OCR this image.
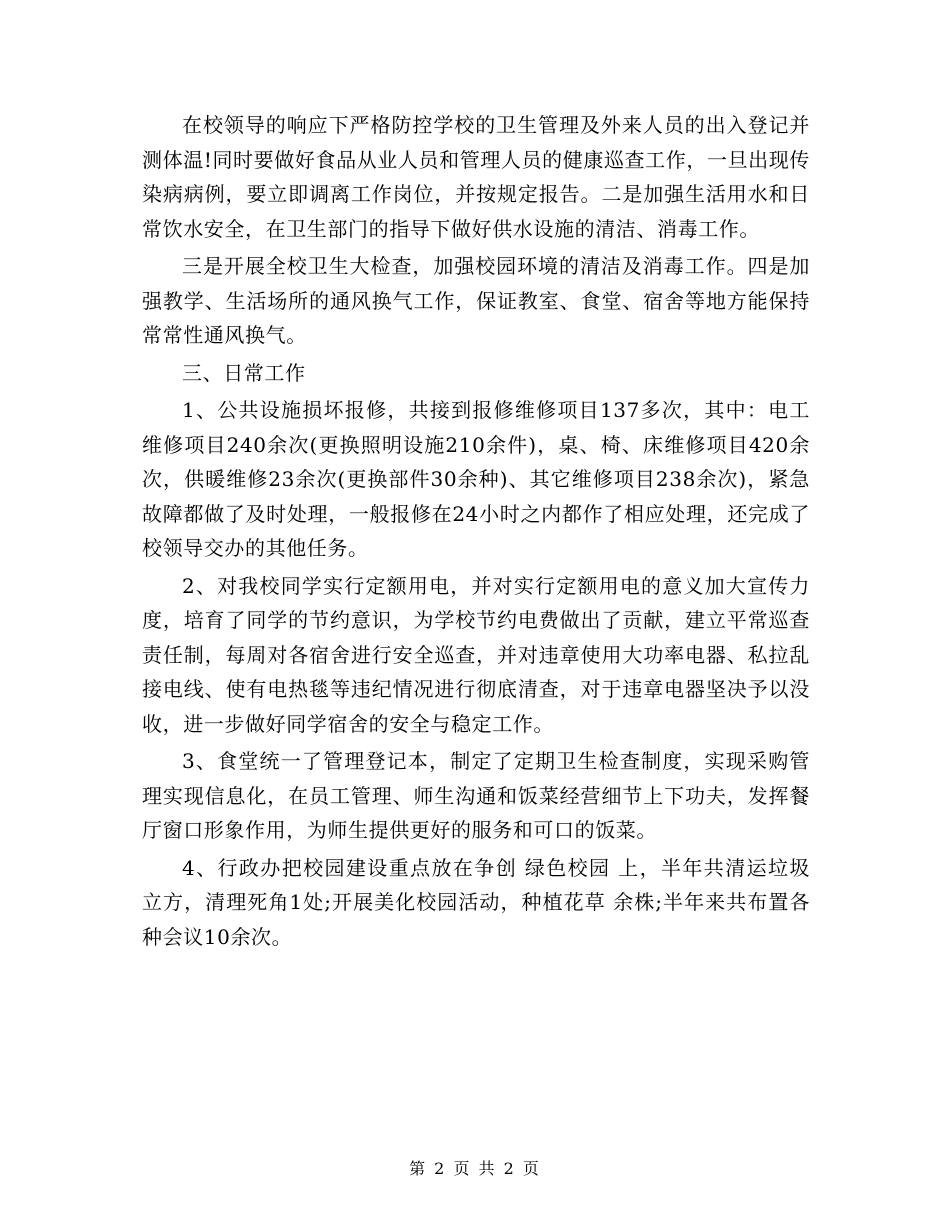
在校领导的响应下严格防控学校的卫生管理及外来人员的出入登记并测体温!同时要做好食品从业人员和管理人员的健康巡查工作，一旦出现传染病病例，要立即调离工作岗位，并按规定报告。二是加强生活用水和日常饮水安全，在卫生部门的指导下做好供水设施的清洁、消毒工作。

三是开展全校卫生大检查，加强校园环境的清洁及消毒工作。四是加强教学、生活场所的通风换气工作，保证教室、食堂、宿舍等地方能保持常常性通风换气。

三、日常工作

1、公共设施损坏报修，共接到报修维修项目137多次，其中：电工维修项目240余次(更换照明设施210余件)，桌、椅、床维修项目420余次，供暖维修23余次(更换部件30余种)、其它维修项目238余次)，紧急故障都做了及时处理，一般报修在24小时之内都作了相应处理，还完成了校领导交办的其他任务。

2、对我校同学实行定额用电，并对实行定额用电的意义加大宣传力度，培育了同学的节约意识，为学校节约电费做出了贡献，建立平常巡查责任制，每周对各宿舍进行安全巡查，并对违章使用大功率电器、私拉乱接电线、使有电热毯等违纪情况进行彻底清查，对于违章电器坚决予以没收，进一步做好同学宿舍的安全与稳定工作。

3、食堂统一了管理登记本，制定了定期卫生检查制度，实现采购管理实现信息化，在员工管理、师生沟通和饭菜经营细节上下功夫，发挥餐厅窗口形象作用，为师生提供更好的服务和可口的饭菜。

4、行政办把校园建设重点放在争创 绿色校园 上，半年共清运垃圾 立方，清理死角1处;开展美化校园活动，种植花草 余株;半年来共布置各种会议10余次。

第 2 页 共 2 页
